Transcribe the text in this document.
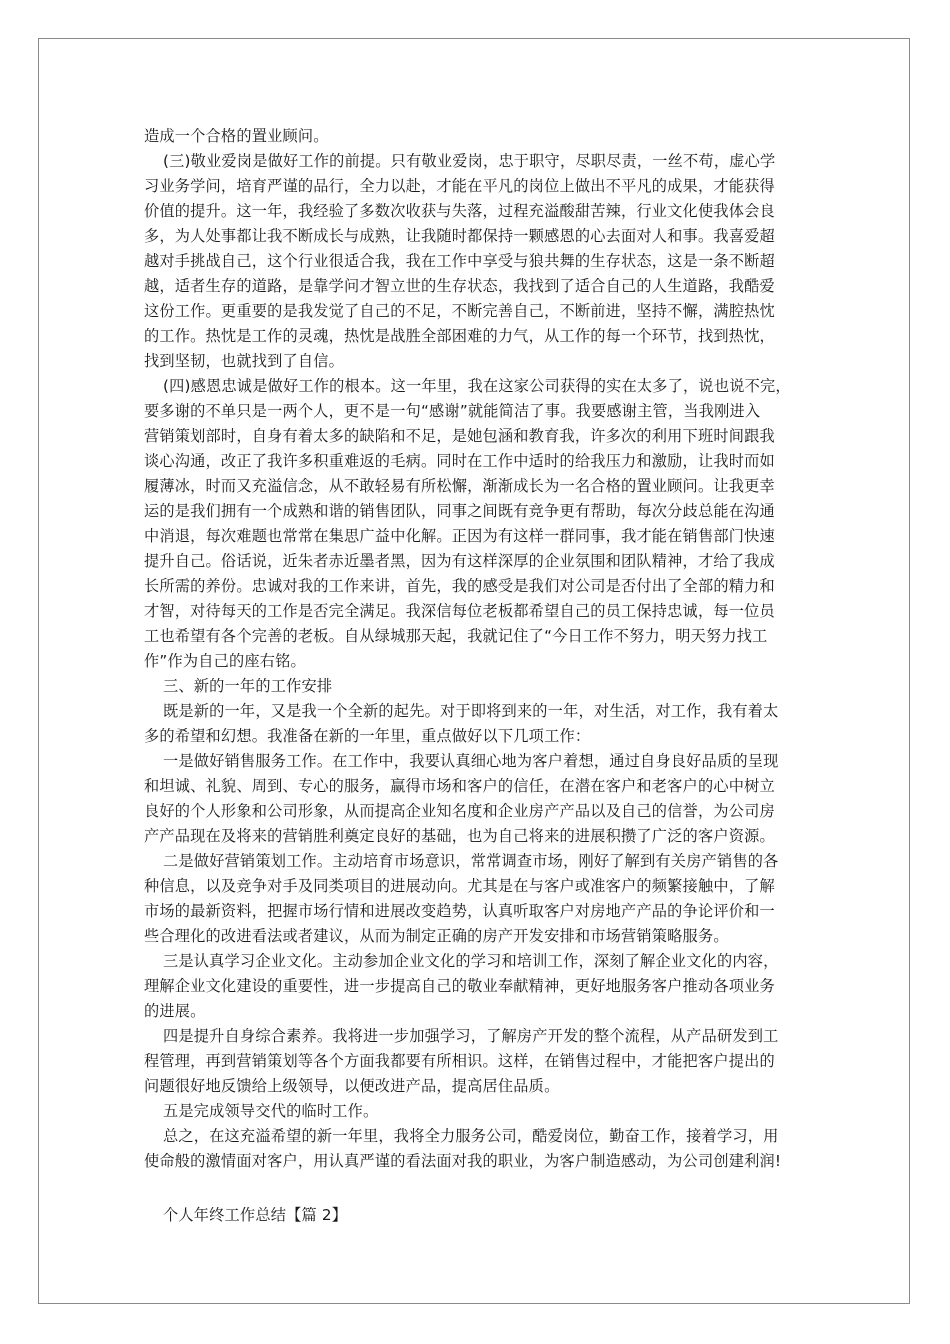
造成一个合格的置业顾问。
(三)敬业爱岗是做好工作的前提。只有敬业爱岗，忠于职守，尽职尽责，一丝不苟，虚心学
习业务学问，培育严谨的品行，全力以赴，才能在平凡的岗位上做出不平凡的成果，才能获得
价值的提升。这一年，我经验了多数次收获与失落，过程充溢酸甜苦辣，行业文化使我体会良
多，为人处事都让我不断成长与成熟，让我随时都保持一颗感恩的心去面对人和事。我喜爱超
越对手挑战自己，这个行业很适合我，我在工作中享受与狼共舞的生存状态，这是一条不断超
越，适者生存的道路，是靠学问才智立世的生存状态，我找到了适合自己的人生道路，我酷爱
这份工作。更重要的是我发觉了自己的不足，不断完善自己，不断前进，坚持不懈，满腔热忱
的工作。热忱是工作的灵魂，热忱是战胜全部困难的力气，从工作的每一个环节，找到热忱，
找到坚韧，也就找到了自信。
(四)感恩忠诚是做好工作的根本。这一年里，我在这家公司获得的实在太多了，说也说不完，
要多谢的不单只是一两个人，更不是一句“感谢”就能简洁了事。我要感谢主管，当我刚进入
营销策划部时，自身有着太多的缺陷和不足，是她包涵和教育我，许多次的利用下班时间跟我
谈心沟通，改正了我许多积重难返的毛病。同时在工作中适时的给我压力和激励，让我时而如
履薄冰，时而又充溢信念，从不敢轻易有所松懈，渐渐成长为一名合格的置业顾问。让我更幸
运的是我们拥有一个成熟和谐的销售团队，同事之间既有竞争更有帮助，每次分歧总能在沟通
中消退，每次难题也常常在集思广益中化解。正因为有这样一群同事，我才能在销售部门快速
提升自己。俗话说，近朱者赤近墨者黑，因为有这样深厚的企业氛围和团队精神，才给了我成
长所需的养份。忠诚对我的工作来讲，首先，我的感受是我们对公司是否付出了全部的精力和
才智，对待每天的工作是否完全满足。我深信每位老板都希望自己的员工保持忠诚，每一位员
工也希望有各个完善的老板。自从绿城那天起，我就记住了“今日工作不努力，明天努力找工
作”作为自己的座右铭。
三、新的一年的工作安排
既是新的一年，又是我一个全新的起先。对于即将到来的一年，对生活，对工作，我有着太
多的希望和幻想。我准备在新的一年里，重点做好以下几项工作：
一是做好销售服务工作。在工作中，我要认真细心地为客户着想，通过自身良好品质的呈现
和坦诚、礼貌、周到、专心的服务，赢得市场和客户的信任，在潜在客户和老客户的心中树立
良好的个人形象和公司形象，从而提高企业知名度和企业房产产品以及自己的信誉，为公司房
产产品现在及将来的营销胜利奠定良好的基础，也为自己将来的进展积攒了广泛的客户资源。
二是做好营销策划工作。主动培育市场意识，常常调查市场，刚好了解到有关房产销售的各
种信息，以及竞争对手及同类项目的进展动向。尤其是在与客户或准客户的频繁接触中，了解
市场的最新资料，把握市场行情和进展改变趋势，认真听取客户对房地产产品的争论评价和一
些合理化的改进看法或者建议，从而为制定正确的房产开发安排和市场营销策略服务。
三是认真学习企业文化。主动参加企业文化的学习和培训工作，深刻了解企业文化的内容，
理解企业文化建设的重要性，进一步提高自己的敬业奉献精神，更好地服务客户推动各项业务
的进展。
四是提升自身综合素养。我将进一步加强学习，了解房产开发的整个流程，从产品研发到工
程管理，再到营销策划等各个方面我都要有所相识。这样，在销售过程中，才能把客户提出的
问题很好地反馈给上级领导，以便改进产品，提高居住品质。
五是完成领导交代的临时工作。
总之，在这充溢希望的新一年里，我将全力服务公司，酷爱岗位，勤奋工作，接着学习，用
使命般的激情面对客户，用认真严谨的看法面对我的职业，为客户制造感动，为公司创建利润!
个人年终工作总结【篇 2】
